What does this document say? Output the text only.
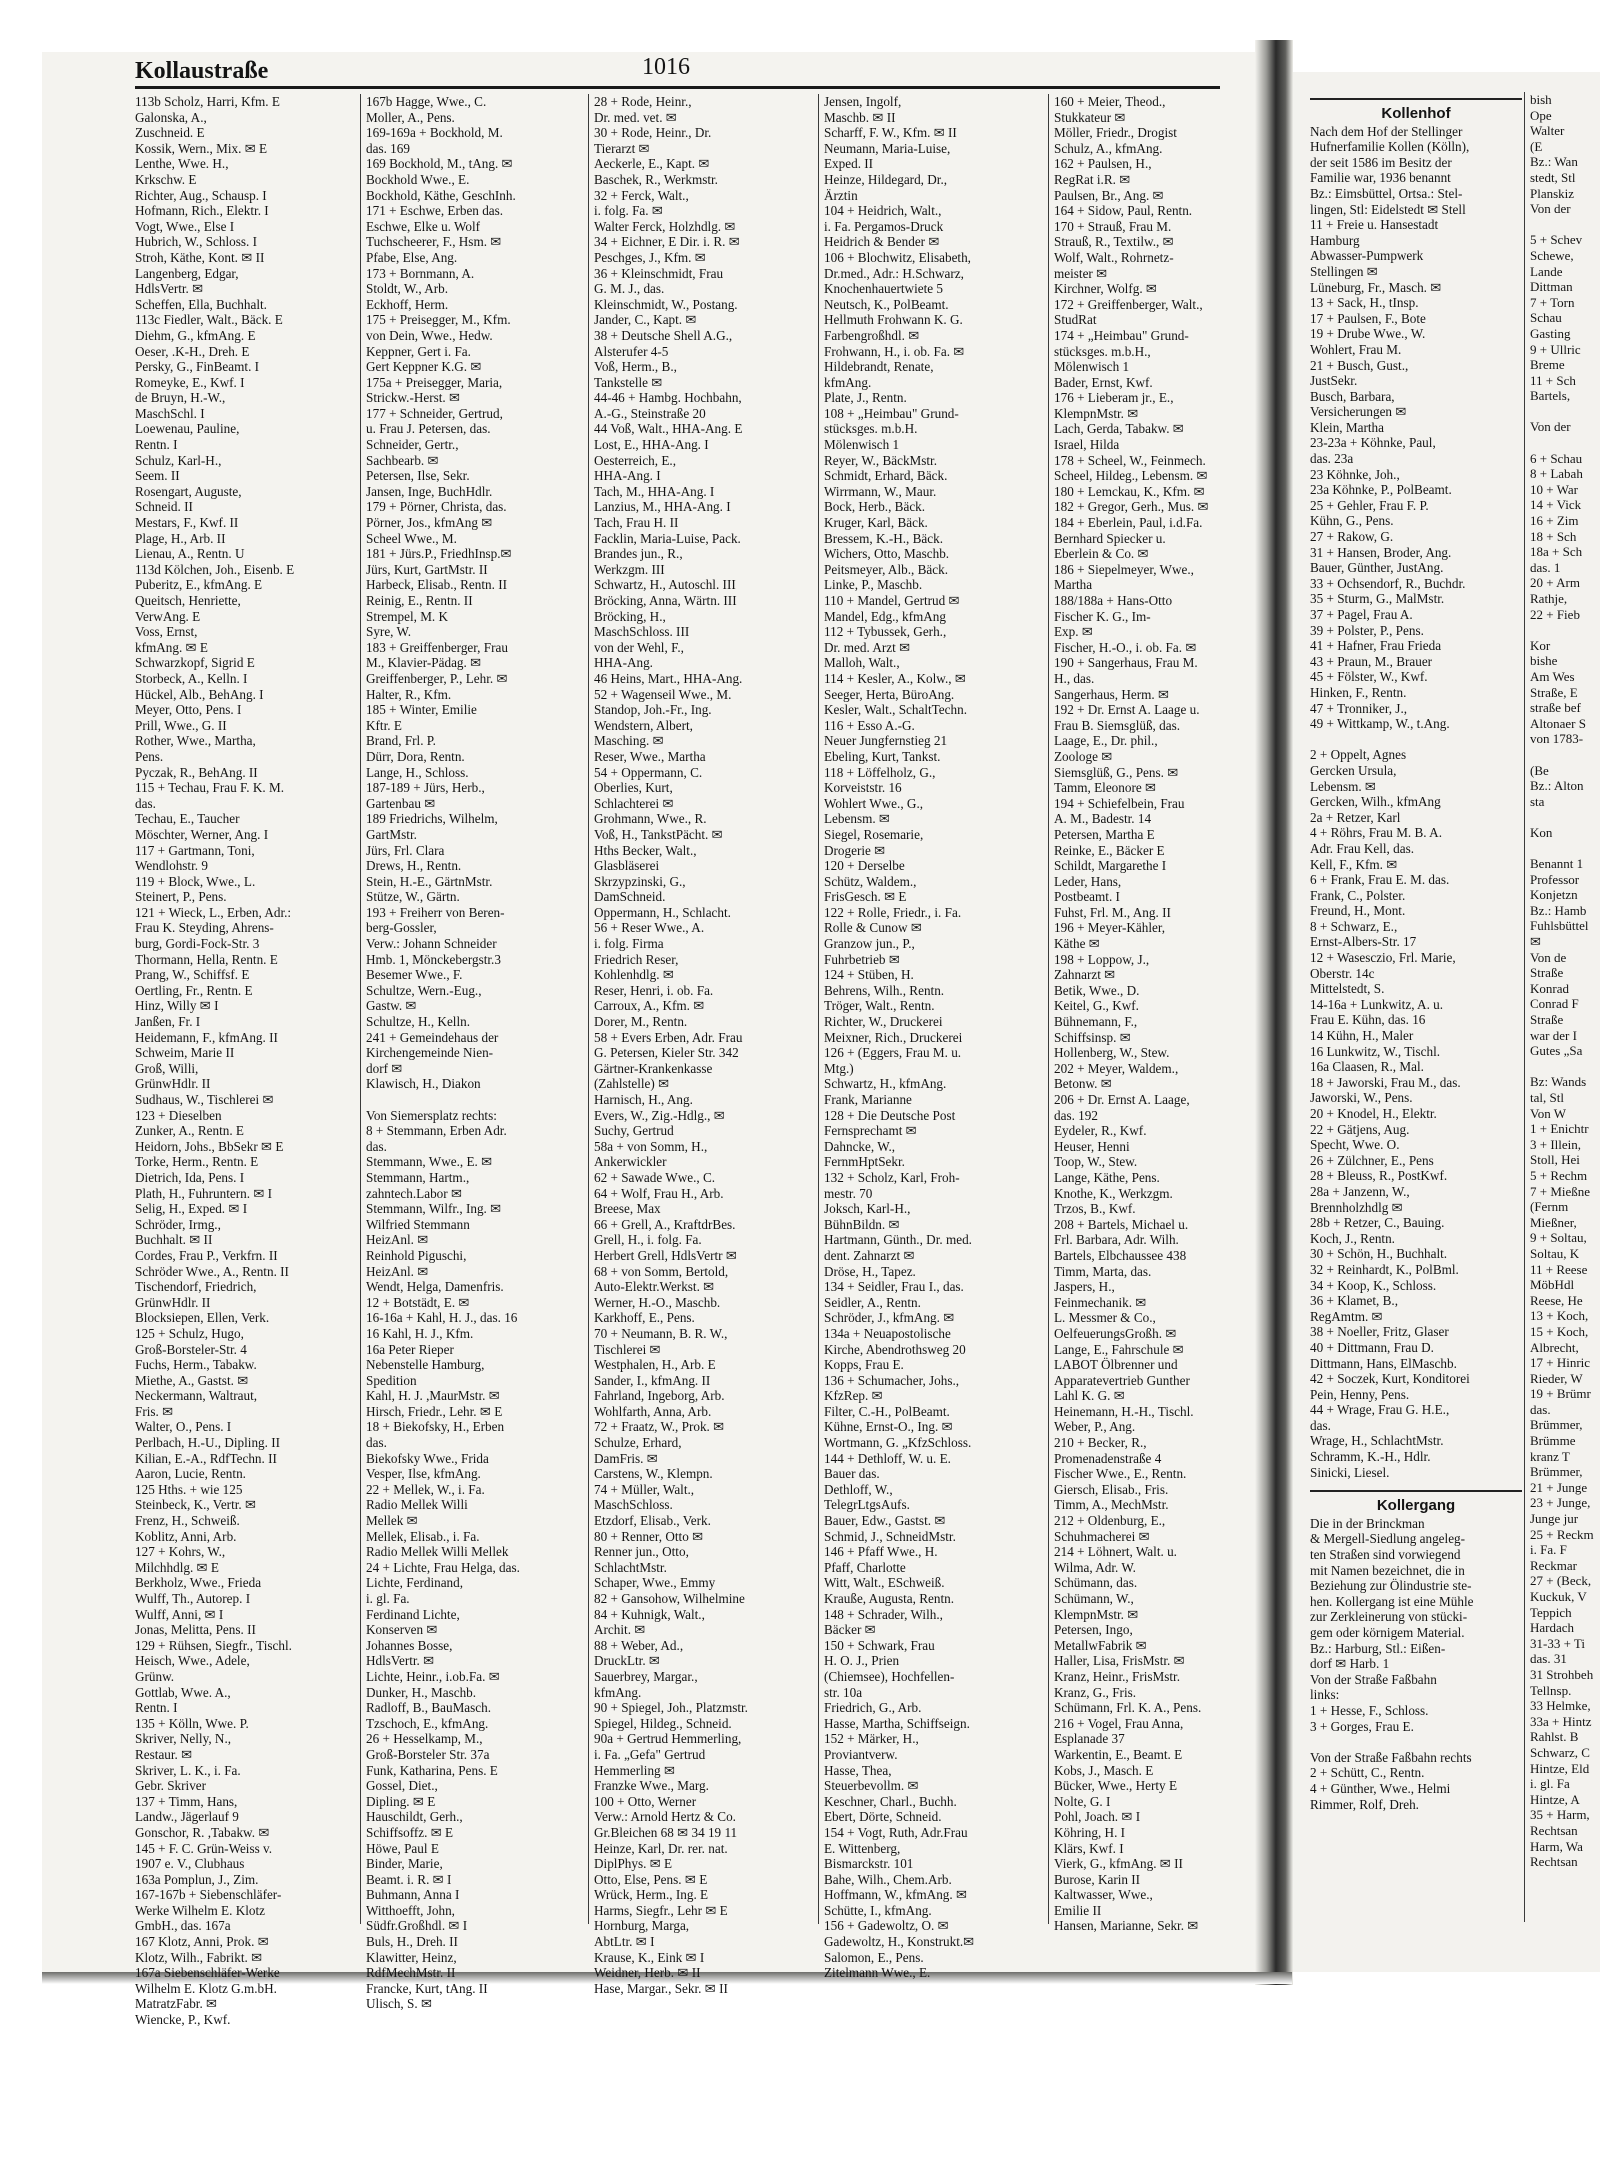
Kollaustraße	1016
113b Scholz, Harri, Kfm. E
Galonska, A.,
Zuschneid. E
Kossik, Wern., Mix. ✉ E
Lenthe, Wwe. H.,
Krkschw. E
Richter, Aug., Schausp. I
Hofmann, Rich., Elektr. I
Vogt, Wwe., Else I
Hubrich, W., Schloss. I
Stroh, Käthe, Kont. ✉ II
Langenberg, Edgar,
HdlsVertr. ✉
Scheffen, Ella, Buchhalt.
113c Fiedler, Walt., Bäck. E
Diehm, G., kfmAng. E
Oeser, .K-H., Dreh. E
Persky, G., FinBeamt. I
Romeyke, E., Kwf. I
de Bruyn, H.-W.,
MaschSchl. I
Loewenau, Pauline,
Rentn. I
Schulz, Karl-H.,
Seem. II
Rosengart, Auguste,
Schneid. II
Mestars, F., Kwf. II
Plage, H., Arb. II
Lienau, A., Rentn. U
113d Kölchen, Joh., Eisenb. E
Puberitz, E., kfmAng. E
Queitsch, Henriette,
VerwAng. E
Voss, Ernst,
kfmAng. ✉ E
Schwarzkopf, Sigrid E
Storbeck, A., Kelln. I
Hückel, Alb., BehAng. I
Meyer, Otto, Pens. I
Prill, Wwe., G. II
Rother, Wwe., Martha,
Pens.
Pyczak, R., BehAng. II
115 + Techau, Frau F. K. M.
das.
Techau, E., Taucher
Möschter, Werner, Ang. I
117 + Gartmann, Toni,
Wendlohstr. 9
119 + Block, Wwe., L.
Steinert, P., Pens.
121 + Wieck, L., Erben, Adr.:
Frau K. Steyding, Ahrens-
burg, Gordi-Fock-Str. 3
Thormann, Hella, Rentn. E
Prang, W., Schiffsf. E
Oertling, Fr., Rentn. E
Hinz, Willy ✉ I
Janßen, Fr. I
Heidemann, F., kfmAng. II
Schweim, Marie II
Groß, Willi,
GrünwHdlr. II
Sudhaus, W., Tischlerei ✉
123 + Dieselben
Zunker, A., Rentn. E
Heidorn, Johs., BbSekr ✉ E
Torke, Herm., Rentn. E
Dietrich, Ida, Pens. I
Plath, H., Fuhruntern. ✉ I
Selig, H., Exped. ✉ I
Schröder, Irmg.,
Buchhalt. ✉ II
Cordes, Frau P., Verkfrn. II
Schröder Wwe., A., Rentn. II
Tischendorf, Friedrich,
GrünwHdlr. II
Blocksiepen, Ellen, Verk.
125 + Schulz, Hugo,
Groß-Borsteler-Str. 4
Fuchs, Herm., Tabakw.
Miethe, A., Gastst. ✉
Neckermann, Waltraut,
Fris. ✉
Walter, O., Pens. I
Perlbach, H.-U., Dipling. II
Kilian, E.-A., RdfTechn. II
Aaron, Lucie, Rentn.
125 Hths. + wie 125
Steinbeck, K., Vertr. ✉
Frenz, H., Schweiß.
Koblitz, Anni, Arb.
127 + Kohrs, W.,
Milchhdlg. ✉ E
Berkholz, Wwe., Frieda
Wulff, Th., Autorep. I
Wulff, Anni, ✉ I
Jonas, Melitta, Pens. II
129 + Rühsen, Siegfr., Tischl.
Heisch, Wwe., Adele,
Grünw.
Gottlab, Wwe. A.,
Rentn. I
135 + Kölln, Wwe. P.
Skriver, Nelly, N.,
Restaur. ✉
Skriver, L. K., i. Fa.
Gebr. Skriver
137 + Timm, Hans,
Landw., Jägerlauf 9
Gonschor, R. ,Tabakw. ✉
145 + F. C. Grün-Weiss v.
1907 e. V., Clubhaus
163a Pomplun, J., Zim.
167-167b + Siebenschläfer-
Werke Wilhelm E. Klotz
GmbH., das. 167a
167 Klotz, Anni, Prok. ✉
Klotz, Wilh., Fabrikt. ✉
167a Siebenschläfer-Werke
Wilhelm E. Klotz G.m.bH.
MatratzFabr. ✉
Wiencke, P., Kwf.
167b Hagge, Wwe., C.
Moller, A., Pens.
169-169a + Bockhold, M.
das. 169
169 Bockhold, M., tAng. ✉
Bockhold Wwe., E.
Bockhold, Käthe, GeschInh.
171 + Eschwe, Erben das.
Eschwe, Elke u. Wolf
Tuchscheerer, F., Hsm. ✉
Pfabe, Else, Ang.
173 + Bornmann, A.
Stoldt, W., Arb.
Eckhoff, Herm.
175 + Preisegger, M., Kfm.
von Dein, Wwe., Hedw.
Keppner, Gert i. Fa.
Gert Keppner K.G. ✉
175a + Preisegger, Maria,
Strickw.-Herst. ✉
177 + Schneider, Gertrud,
u. Frau J. Petersen, das.
Schneider, Gertr.,
Sachbearb. ✉
Petersen, Ilse, Sekr.
Jansen, Inge, BuchHdlr.
179 + Pörner, Christa, das.
Pörner, Jos., kfmAng ✉
Scheel Wwe., M.
181 + Jürs.P., FriedhInsp.✉
Jürs, Kurt, GartMstr. II
Harbeck, Elisab., Rentn. II
Reinig, E., Rentn. II
Strempel, M. K
Syre, W.
183 + Greiffenberger, Frau
M., Klavier-Pädag. ✉
Greiffenberger, P., Lehr. ✉
Halter, R., Kfm.
185 + Winter, Emilie
Kftr. E
Brand, Frl. P.
Dürr, Dora, Rentn.
Lange, H., Schloss.
187-189 + Jürs, Herb.,
Gartenbau ✉
189 Friedrichs, Wilhelm,
GartMstr.
Jürs, Frl. Clara
Drews, H., Rentn.
Stein, H.-E., GärtnMstr.
Stütze, W., Gärtn.
193 + Freiherr von Beren-
berg-Gossler,
Verw.: Johann Schneider
Hmb. 1, Mönckebergstr.3
Besemer Wwe., F.
Schultze, Wern.-Eug.,
Gastw. ✉
Schultze, H., Kelln.
241 + Gemeindehaus der
Kirchengemeinde Nien-
dorf ✉
Klawisch, H., Diakon

Von Siemersplatz rechts:
8 + Stemmann, Erben Adr.
das.
Stemmann, Wwe., E. ✉
Stemmann, Hartm.,
zahntech.Labor ✉
Stemmann, Wilfr., Ing. ✉
Wilfried Stemmann
HeizAnl. ✉
Reinhold Piguschi,
HeizAnl. ✉
Wendt, Helga, Damenfris.
12 + Botstädt, E. ✉
16-16a + Kahl, H. J., das. 16
16 Kahl, H. J., Kfm.
16a Peter Rieper
Nebenstelle Hamburg,
Spedition
Kahl, H. J. ,MaurMstr. ✉
Hirsch, Friedr., Lehr. ✉ E
18 + Biekofsky, H., Erben
das.
Biekofsky Wwe., Frida
Vesper, Ilse, kfmAng.
22 + Mellek, W., i. Fa.
Radio Mellek Willi
Mellek ✉
Mellek, Elisab., i. Fa.
Radio Mellek Willi Mellek
24 + Lichte, Frau Helga, das.
Lichte, Ferdinand,
i. gl. Fa.
Ferdinand Lichte,
Konserven ✉
Johannes Bosse,
HdlsVertr. ✉
Lichte, Heinr., i.ob.Fa. ✉
Dunker, H., Maschb.
Radloff, B., BauMasch.
Tzschoch, E., kfmAng.
26 + Hesselkamp, M.,
Groß-Borsteler Str. 37a
Funk, Katharina, Pens. E
Gossel, Diet.,
Dipling. ✉ E
Hauschildt, Gerh.,
Schiffsoffz. ✉ E
Höwe, Paul E
Binder, Marie,
Beamt. i. R. ✉ I
Buhmann, Anna I
Witthoefft, John,
Südfr.Großhdl. ✉ I
Buls, H., Dreh. II
Klawitter, Heinz,
RdfMechMstr. II
Francke, Kurt, tAng. II
Ulisch, S. ✉
28 + Rode, Heinr.,
Dr. med. vet. ✉
30 + Rode, Heinr., Dr.
Tierarzt ✉
Aeckerle, E., Kapt. ✉
Baschek, R., Werkmstr.
32 + Ferck, Walt.,
i. folg. Fa. ✉
Walter Ferck, Holzhdlg. ✉
34 + Eichner, E Dir. i. R. ✉
Peschges, J., Kfm. ✉
36 + Kleinschmidt, Frau
G. M. J., das.
Kleinschmidt, W., Postang.
Jander, C., Kapt. ✉
38 + Deutsche Shell A.G.,
Alsterufer 4-5
Voß, Herm., B.,
Tankstelle ✉
44-46 + Hambg. Hochbahn,
A.-G., Steinstraße 20
44 Voß, Walt., HHA-Ang. E
Lost, E., HHA-Ang. I
Oesterreich, E.,
HHA-Ang. I
Tach, M., HHA-Ang. I
Lanzius, M., HHA-Ang. I
Tach, Frau H. II
Facklin, Maria-Luise, Pack.
Brandes jun., R.,
Werkzgm. III
Schwartz, H., Autoschl. III
Bröcking, Anna, Wärtn. III
Bröcking, H.,
MaschSchloss. III
von der Wehl, F.,
HHA-Ang.
46 Heins, Mart., HHA-Ang.
52 + Wagenseil Wwe., M.
Standop, Joh.-Fr., Ing.
Wendstern, Albert,
Masching. ✉
Reser, Wwe., Martha
54 + Oppermann, C.
Oberlies, Kurt,
Schlachterei ✉
Grohmann, Wwe., R.
Voß, H., TankstPächt. ✉
Hths Becker, Walt.,
Glasbläserei
Skrzypzinski, G.,
DamSchneid.
Oppermann, H., Schlacht.
56 + Reser Wwe., A.
i. folg. Firma
Friedrich Reser,
Kohlenhdlg. ✉
Reser, Henri, i. ob. Fa.
Carroux, A., Kfm. ✉
Dorer, M., Rentn.
58 + Evers Erben, Adr. Frau
G. Petersen, Kieler Str. 342
Gärtner-Krankenkasse
(Zahlstelle) ✉
Harnisch, H., Ang.
Evers, W., Zig.-Hdlg., ✉
Suchy, Gertrud
58a + von Somm, H.,
Ankerwickler
62 + Sawade Wwe., C.
64 + Wolf, Frau H., Arb.
Breese, Max
66 + Grell, A., KraftdrBes.
Grell, H., i. folg. Fa.
Herbert Grell, HdlsVertr ✉
68 + von Somm, Bertold,
Auto-Elektr.Werkst. ✉
Werner, H.-O., Maschb.
Karkhoff, E., Pens.
70 + Neumann, B. R. W.,
Tischlerei ✉
Westphalen, H., Arb. E
Sander, I., kfmAng. II
Fahrland, Ingeborg, Arb.
Wohlfarth, Anna, Arb.
72 + Fraatz, W., Prok. ✉
Schulze, Erhard,
DamFris. ✉
Carstens, W., Klempn.
74 + Müller, Walt.,
MaschSchloss.
Etzdorf, Elisab., Verk.
80 + Renner, Otto ✉
Renner jun., Otto,
SchlachtMstr.
Schaper, Wwe., Emmy
82 + Gansohow, Wilhelmine
84 + Kuhnigk, Walt.,
Archit. ✉
88 + Weber, Ad.,
DruckLtr. ✉
Sauerbrey, Margar.,
kfmAng.
90 + Spiegel, Joh., Platzmstr.
Spiegel, Hildeg., Schneid.
90a + Gertrud Hemmerling,
i. Fa. „Gefa" Gertrud
Hemmerling ✉
Franzke Wwe., Marg.
100 + Otto, Werner
Verw.: Arnold Hertz & Co.
Gr.Bleichen 68 ✉ 34 19 11
Heinze, Karl, Dr. rer. nat.
DiplPhys. ✉ E
Otto, Else, Pens. ✉ E
Wrück, Herm., Ing. E
Harms, Siegfr., Lehr ✉ E
Hornburg, Marga,
AbtLtr. ✉ I
Krause, K., Eink ✉ I
Weidner, Herb. ✉ II
Hase, Margar., Sekr. ✉ II
Jensen, Ingolf,
Maschb. ✉ II
Scharff, F. W., Kfm. ✉ II
Neumann, Maria-Luise,
Exped. II
Heinze, Hildegard, Dr.,
Ärztin
104 + Heidrich, Walt.,
i. Fa. Pergamos-Druck
Heidrich & Bender ✉
106 + Blochwitz, Elisabeth,
Dr.med., Adr.: H.Schwarz,
Knochenhauertwiete 5
Neutsch, K., PolBeamt.
Hellmuth Frohwann K. G.
Farbengroßhdl. ✉
Frohwann, H., i. ob. Fa. ✉
Hildebrandt, Renate,
kfmAng.
Plate, J., Rentn.
108 + „Heimbau" Grund-
stücksges. m.b.H.
Mölenwisch 1
Reyer, W., BäckMstr.
Schmidt, Erhard, Bäck.
Wirrmann, W., Maur.
Bock, Herb., Bäck.
Kruger, Karl, Bäck.
Bressem, K.-H., Bäck.
Wichers, Otto, Maschb.
Peitsmeyer, Alb., Bäck.
Linke, P., Maschb.
110 + Mandel, Gertrud ✉
Mandel, Edg., kfmAng
112 + Tybussek, Gerh.,
Dr. med. Arzt ✉
Malloh, Walt.,
114 + Kesler, A., Kolw., ✉
Seeger, Herta, BüroAng.
Kesler, Walt., SchaltTechn.
116 + Esso A.-G.
Neuer Jungfernstieg 21
Ebeling, Kurt, Tankst.
118 + Löffelholz, G.,
Korveiststr. 16
Wohlert Wwe., G.,
Lebensm. ✉
Siegel, Rosemarie,
Drogerie ✉
120 + Derselbe
Schütz, Waldem.,
FrisGesch. ✉ E
122 + Rolle, Friedr., i. Fa.
Rolle & Cunow ✉
Granzow jun., P.,
Fuhrbetrieb ✉
124 + Stüben, H.
Behrens, Wilh., Rentn.
Tröger, Walt., Rentn.
Richter, W., Druckerei
Meixner, Rich., Druckerei
126 + (Eggers, Frau M. u.
Mtg.)
Schwartz, H., kfmAng.
Frank, Marianne
128 + Die Deutsche Post
Fernsprechamt ✉
Dahncke, W.,
FernmHptSekr.
132 + Scholz, Karl, Froh-
mestr. 70
Joksch, Karl-H.,
BühnBildn. ✉
Hartmann, Günth., Dr. med.
dent. Zahnarzt ✉
Dröse, H., Tapez.
134 + Seidler, Frau I., das.
Seidler, A., Rentn.
Schröder, J., kfmAng. ✉
134a + Neuapostolische
Kirche, Abendrothsweg 20
Kopps, Frau E.
136 + Schumacher, Johs.,
KfzRep. ✉
Filter, C.-H., PolBeamt.
Kühne, Ernst-O., Ing. ✉
Wortmann, G. „KfzSchloss.
144 + Dethloff, W. u. E.
Bauer das.
Dethloff, W.,
TelegrLtgsAufs.
Bauer, Edw., Gastst. ✉
Schmid, J., SchneidMstr.
146 + Pfaff Wwe., H.
Pfaff, Charlotte
Witt, Walt., ESchweiß.
Krauße, Augusta, Rentn.
148 + Schrader, Wilh.,
Bäcker ✉
150 + Schwark, Frau
H. O. J., Prien
(Chiemsee), Hochfellen-
str. 10a
Friedrich, G., Arb.
Hasse, Martha, Schiffseign.
152 + Märker, H.,
Proviantverw.
Hasse, Thea,
Steuerbevollm. ✉
Keschner, Charl., Buchh.
Ebert, Dörte, Schneid.
154 + Vogt, Ruth, Adr.Frau
E. Wittenberg,
Bismarckstr. 101
Bahe, Wilh., Chem.Arb.
Hoffmann, W., kfmAng. ✉
Schütte, I., kfmAng.
156 + Gadewoltz, O. ✉
Gadewoltz, H., Konstrukt.✉
Salomon, E., Pens.
Zitelmann Wwe., E.
160 + Meier, Theod.,
Stukkateur ✉
Möller, Friedr., Drogist
Schulz, A., kfmAng.
162 + Paulsen, H.,
RegRat i.R. ✉
Paulsen, Br., Ang. ✉
164 + Sidow, Paul, Rentn.
170 + Strauß, Frau M.
Strauß, R., Textilw., ✉
Wolf, Walt., Rohrnetz-
meister ✉
Kirchner, Wolfg. ✉
172 + Greiffenberger, Walt.,
StudRat
174 + „Heimbau" Grund-
stücksges. m.b.H.,
Mölenwisch 1
Bader, Ernst, Kwf.
176 + Lieberam jr., E.,
KlempnMstr. ✉
Lach, Gerda, Tabakw. ✉
Israel, Hilda
178 + Scheel, W., Feinmech.
Scheel, Hildeg., Lebensm. ✉
180 + Lemckau, K., Kfm. ✉
182 + Gregor, Gerh., Mus. ✉
184 + Eberlein, Paul, i.d.Fa.
Bernhard Spiecker u.
Eberlein & Co. ✉
186 + Siepelmeyer, Wwe.,
Martha
188/188a + Hans-Otto
Fischer K. G., Im-
Exp. ✉
Fischer, H.-O., i. ob. Fa. ✉
190 + Sangerhaus, Frau M.
H., das.
Sangerhaus, Herm. ✉
192 + Dr. Ernst A. Laage u.
Frau B. Siemsglüß, das.
Laage, E., Dr. phil.,
Zoologe ✉
Siemsglüß, G., Pens. ✉
Tamm, Eleonore ✉
194 + Schiefelbein, Frau
A. M., Badestr. 14
Petersen, Martha E
Reinke, E., Bäcker E
Schildt, Margarethe I
Leder, Hans,
Postbeamt. I
Fuhst, Frl. M., Ang. II
196 + Meyer-Kähler,
Käthe ✉
198 + Loppow, J.,
Zahnarzt ✉
Betik, Wwe., D.
Keitel, G., Kwf.
Bühnemann, F.,
Schiffsinsp. ✉
Hollenberg, W., Stew.
202 + Meyer, Waldem.,
Betonw. ✉
206 + Dr. Ernst A. Laage,
das. 192
Eydeler, R., Kwf.
Heuser, Henni
Toop, W., Stew.
Lange, Käthe, Pens.
Knothe, K., Werkzgm.
Trzos, B., Kwf.
208 + Bartels, Michael u.
Frl. Barbara, Adr. Wilh.
Bartels, Elbchaussee 438
Timm, Marta, das.
Jaspers, H.,
Feinmechanik. ✉
L. Messmer & Co.,
OelfeuerungsGroßh. ✉
Lange, E., Fahrschule ✉
LABOT Ölbrenner und
Apparatevertrieb Gunther
Lahl K. G. ✉
Heinemann, H.-H., Tischl.
Weber, P., Ang.
210 + Becker, R.,
Promenadenstraße 4
Fischer Wwe., E., Rentn.
Giersch, Elisab., Fris.
Timm, A., MechMstr.
212 + Oldenburg, E.,
Schuhmacherei ✉
214 + Löhnert, Walt. u.
Wilma, Adr. W.
Schümann, das.
Schümann, W.,
KlempnMstr. ✉
Petersen, Ingo,
MetallwFabrik ✉
Haller, Lisa, FrisMstr. ✉
Kranz, Heinr., FrisMstr.
Kranz, G., Fris.
Schümann, Frl. K. A., Pens.
216 + Vogel, Frau Anna,
Esplanade 37
Warkentin, E., Beamt. E
Kobs, J., Masch. E
Bücker, Wwe., Herty E
Nolte, G. I
Pohl, Joach. ✉ I
Köhring, H. I
Klärs, Kwf. I
Vierk, G., kfmAng. ✉ II
Burose, Karin II
Kaltwasser, Wwe.,
Emilie II
Hansen, Marianne, Sekr. ✉
Kollenhof
Nach dem Hof der Stellinger
Hufnerfamilie Kollen (Kölln),
der seit 1586 im Besitz der
Familie war, 1936 benannt
Bz.: Eimsbüttel, Ortsa.: Stel-
lingen, Stl: Eidelstedt ✉ Stell
11 + Freie u. Hansestadt
Hamburg
Abwasser-Pumpwerk
Stellingen ✉
Lüneburg, Fr., Masch. ✉
13 + Sack, H., tInsp.
17 + Paulsen, F., Bote
19 + Drube Wwe., W.
Wohlert, Frau M.
21 + Busch, Gust.,
JustSekr.
Busch, Barbara,
Versicherungen ✉
Klein, Martha
23-23a + Köhnke, Paul,
das. 23a
23 Köhnke, Joh.,
23a Köhnke, P., PolBeamt.
25 + Gehler, Frau F. P.
Kühn, G., Pens.
27 + Rakow, G.
31 + Hansen, Broder, Ang.
Bauer, Günther, JustAng.
33 + Ochsendorf, R., Buchdr.
35 + Sturm, G., MalMstr.
37 + Pagel, Frau A.
39 + Polster, P., Pens.
41 + Hafner, Frau Frieda
43 + Praun, M., Brauer
45 + Fölster, W., Kwf.
Hinken, F., Rentn.
47 + Tronniker, J.,
49 + Wittkamp, W., t.Ang.

2 + Oppelt, Agnes
Gercken Ursula,
Lebensm. ✉
Gercken, Wilh., kfmAng
2a + Retzer, Karl
4 + Röhrs, Frau M. B. A.
Adr. Frau Kell, das.
Kell, F., Kfm. ✉
6 + Frank, Frau E. M. das.
Frank, C., Polster.
Freund, H., Mont.
8 + Schwarz, E.,
Ernst-Albers-Str. 17
12 + Wasesczio, Frl. Marie,
Oberstr. 14c
Mittelstedt, S.
14-16a + Lunkwitz, A. u.
Frau E. Kühn, das. 16
14 Kühn, H., Maler
16 Lunkwitz, W., Tischl.
16a Claasen, R., Mal.
18 + Jaworski, Frau M., das.
Jaworski, W., Pens.
20 + Knodel, H., Elektr.
22 + Gätjens, Aug.
Specht, Wwe. O.
26 + Zülchner, E., Pens
28 + Bleuss, R., PostKwf.
28a + Janzenn, W.,
Brennholzhdlg ✉
28b + Retzer, C., Bauing.
Koch, J., Rentn.
30 + Schön, H., Buchhalt.
32 + Reinhardt, K., PolBml.
34 + Koop, K., Schloss.
36 + Klamet, B.,
RegAmtm. ✉
38 + Noeller, Fritz, Glaser
40 + Dittmann, Frau D.
Dittmann, Hans, ElMaschb.
42 + Soczek, Kurt, Konditorei
Pein, Henny, Pens.
44 + Wrage, Frau G. H.E.,
das.
Wrage, H., SchlachtMstr.
Schramm, K.-H., Hdlr.
Sinicki, Liesel.
Kollergang
Die in der Brinckman
& Mergell-Siedlung angeleg-
ten Straßen sind vorwiegend
mit Namen bezeichnet, die in
Beziehung zur Ölindustrie ste-
hen. Kollergang ist eine Mühle
zur Zerkleinerung von stücki-
gem oder körnigem Material.
Bz.: Harburg, Stl.: Eißen-
dorf ✉ Harb. 1
Von der Straße Faßbahn
links:
1 + Hesse, F., Schloss.
3 + Gorges, Frau E.

Von der Straße Faßbahn rechts
2 + Schütt, C., Rentn.
4 + Günther, Wwe., Helmi
Rimmer, Rolf, Dreh.
bish
Ope
Walter
(E
Bz.: Wan
stedt, Stl
Planskiz
Von der

5 + Schev
Schewe,
Lande
Dittman
7 + Torn
Schau
Gasting
9 + Ullric
Breme
11 + Sch
Bartels,

Von der

6 + Schau
8 + Labah
10 + War
14 + Vick
16 + Zim
18 + Sch
18a + Sch
das. 1
20 + Arm
Rathje,
22 + Fieb

Kor
bishe
Am Wes
Straße, E
straße bef
Altonaer S
von 1783-

(Be
Bz.: Alton
sta

Kon

Benannt 1
Professor
Konjetzn
Bz.: Hamb
Fuhlsbüttel
✉
Von de
Straße
Konrad
Conrad F
Straße
war der I
Gutes „Sa

Bz: Wands
tal, Stl
Von W
1 + Enichtr
3 + Illein,
Stoll, Hei
5 + Rechm
7 + Mießne
(Fernm
Mießner,
9 + Soltau,
Soltau, K
11 + Reese
MöbHdl
Reese, He
13 + Koch,
15 + Koch,
Albrecht,
17 + Hinric
Rieder, W
19 + Brümr
das.
Brümmer,
Brümme
kranz T
Brümmer,
21 + Junge
23 + Junge,
Junge jur
25 + Reckm
i. Fa. F
Reckmar
27 + (Beck,
Kuckuk, V
Teppich
Hardach
31-33 + Ti
das. 31
31 Strohbeh
Tellnsp.
33 Helmke,
33a + Hintz
Rahlst. B
Schwarz, C
Hintze, Eld
i. gl. Fa
Hintze, A
35 + Harm,
Rechtsan
Harm, Wa
Rechtsan
